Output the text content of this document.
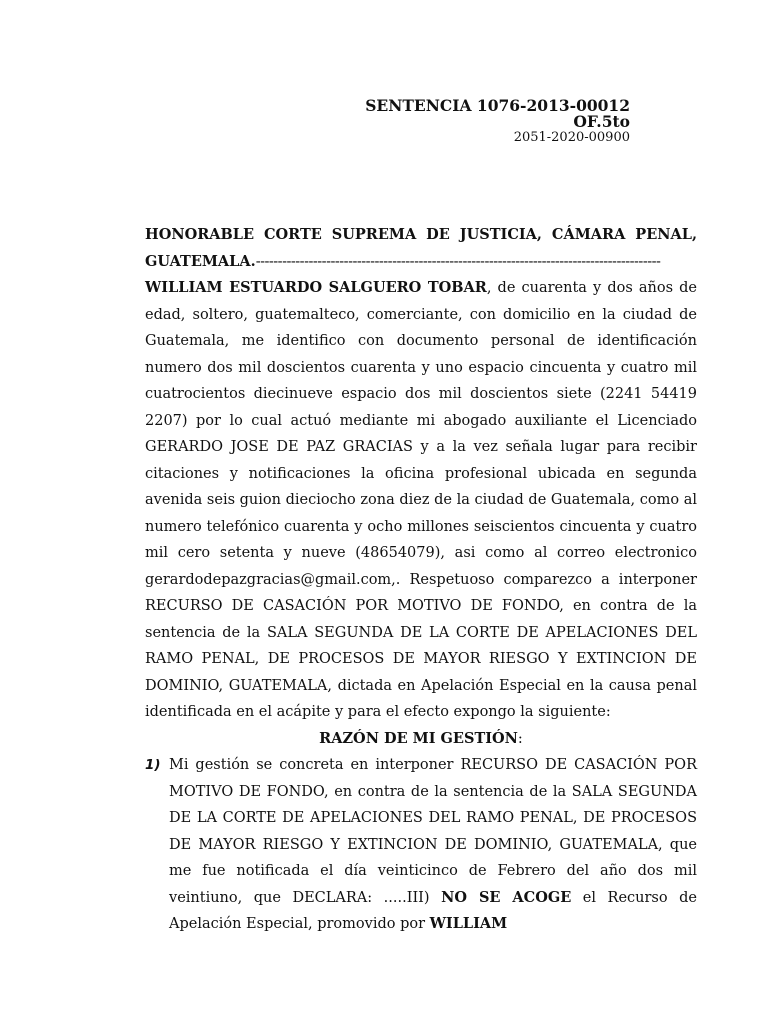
SENTENCIA 1076-2013-00012
OF.5to
2051-2020-00900

HONORABLE CORTE SUPREMA DE JUSTICIA, CÁMARA PENAL,

GUATEMALA.--------------------------------------------------------------------------------------------

WILLIAM ESTUARDO SALGUERO TOBAR, de cuarenta y dos años de edad, soltero, guatemalteco, comerciante, con domicilio en la ciudad de Guatemala, me identifico con documento personal de identificación numero dos mil doscientos cuarenta y uno espacio cincuenta y cuatro mil cuatrocientos diecinueve espacio dos mil doscientos siete (2241 54419 2207) por lo cual actuó mediante mi abogado auxiliante el Licenciado GERARDO JOSE DE PAZ GRACIAS y a la vez señala lugar para recibir citaciones y notificaciones la oficina profesional ubicada en segunda avenida seis guion dieciocho zona diez de la ciudad de Guatemala, como al numero telefónico cuarenta y ocho millones seiscientos cincuenta y cuatro mil cero setenta y nueve (48654079), asi como al correo electronico gerardodepazgracias@gmail.com,. Respetuoso comparezco a interponer RECURSO DE CASACIÓN POR MOTIVO DE FONDO, en contra de la sentencia de la SALA SEGUNDA DE LA CORTE DE APELACIONES DEL RAMO PENAL, DE PROCESOS DE MAYOR RIESGO Y EXTINCION DE DOMINIO, GUATEMALA, dictada en Apelación Especial en la causa penal identificada en el acápite y para el efecto expongo la siguiente:

RAZÓN DE MI GESTIÓN:

1) Mi gestión se concreta en interponer RECURSO DE CASACIÓN POR MOTIVO DE FONDO, en contra de la sentencia de la SALA SEGUNDA DE LA CORTE DE APELACIONES DEL RAMO PENAL, DE PROCESOS DE MAYOR RIESGO Y EXTINCION DE DOMINIO, GUATEMALA, que me fue notificada el día veinticinco de Febrero del año dos mil veintiuno, que DECLARA: .....III) NO SE ACOGE el Recurso de Apelación Especial, promovido por WILLIAM
